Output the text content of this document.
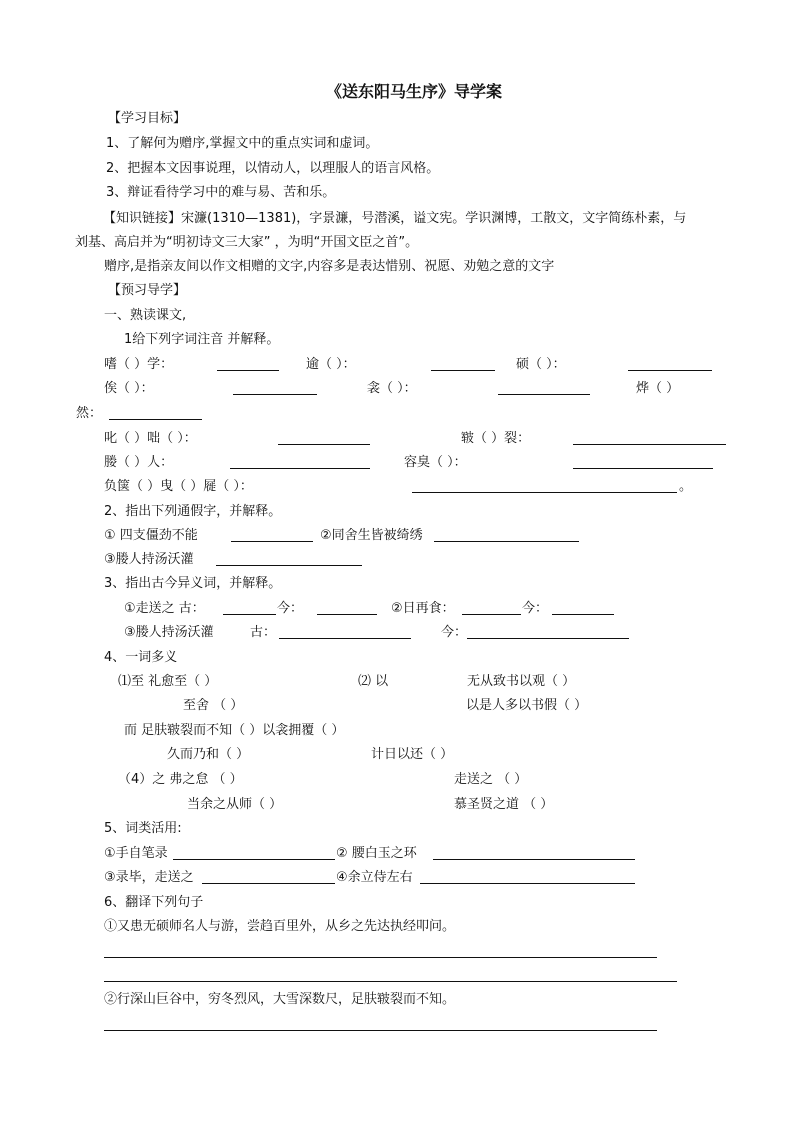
《送东阳马生序》导学案
【学习目标】
1、了解何为赠序,掌握文中的重点实词和虚词。
2、把握本文因事说理，以情动人，以理服人的语言风格。
3、辩证看待学习中的难与易、苦和乐。
【知识链接】宋濂(1310—1381)，字景濂，号潜溪，谥文宪。学识渊博，工散文，文字简练朴素，与
刘基、高启并为“明初诗文三大家” ，为明“开国文臣之首”。
赠序,是指亲友间以作文相赠的文字,内容多是表达惜别、祝愿、劝勉之意的文字
【预习导学】
一、熟读课文,
1给下列字词注音 并解释。
嗜（ ）学：	逾（ ）：	硕（ ）：
俟（ ）：	衾（ ）：	烨（ ）
然：
叱（ ）咄（ ）：	皲（ ）裂：
媵（ ）人：	容臭（ ）：
负箧（ ）曳（ ）屣（ ）：	。
2、指出下列通假字，并解释。
① 四支僵劲不能	②同舍生皆被绮绣
③媵人持汤沃灌
3、指出古今异义词，并解释。
①走送之 古：	今：	②日再食：	今：
③媵人持汤沃灌	古：	今：
4、一词多义
⑴至 礼愈至（ ）	⑵ 以	无从致书以观（ ）
至舍 （ ）	以是人多以书假（ ）
而 足肤皲裂而不知（ ）以衾拥覆（ ）
久而乃和（ ）	计日以还（ ）
（4）之 弗之怠 （ ）	走送之 （ ）
当余之从师（ ）	慕圣贤之道 （ ）
5、词类活用:
①手自笔录	② 腰白玉之环
③录毕，走送之	④余立侍左右
6、翻译下列句子
①又患无硕师名人与游，尝趋百里外，从乡之先达执经叩问。
②行深山巨谷中，穷冬烈风，大雪深数尺，足肤皲裂而不知。
